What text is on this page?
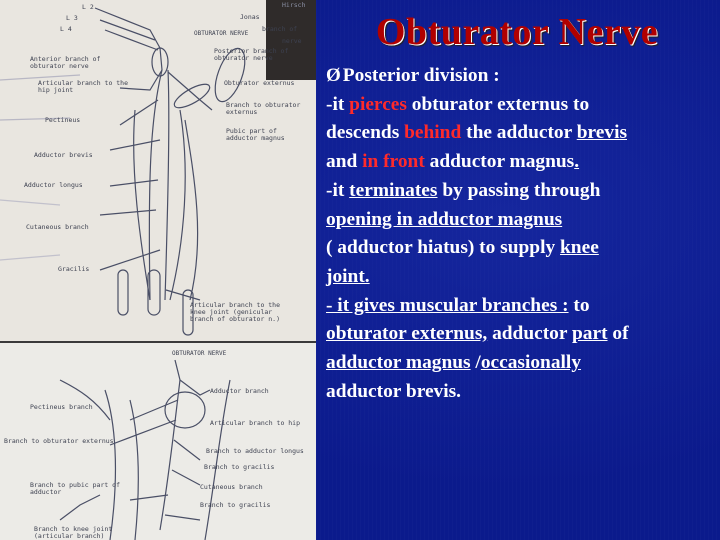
L 2
L 3
L 4
OBTURATOR NERVE
Hirsch
Jonas
branch of
nerve
Anterior branch of obturator nerve
Posterior branch of obturator nerve
Articular branch to the hip joint
Obturator externus
Branch to obturator externus
Pectineus
Pubic part of adductor magnus
Adductor brevis
Adductor longus
Cutaneous branch
Gracilis
Articular branch to the knee joint (genicular branch of obturator n.)
OBTURATOR NERVE
Adductor branch
Pectineus branch
Articular branch to hip
Branch to obturator externus
Branch to adductor longus
Branch to gracilis
Branch to pubic part of adductor
Cutaneous branch
Branch to gracilis
Branch to knee joint (articular branch)
Obturator Nerve
Ø Posterior division :
-it pierces obturator externus to
descends behind the adductor brevis
and in front adductor magnus.
-it terminates by passing through
opening in adductor magnus
( adductor hiatus) to supply knee
joint.
- it gives muscular branches : to
obturator externus, adductor part of
adductor magnus /occasionally
adductor brevis.
